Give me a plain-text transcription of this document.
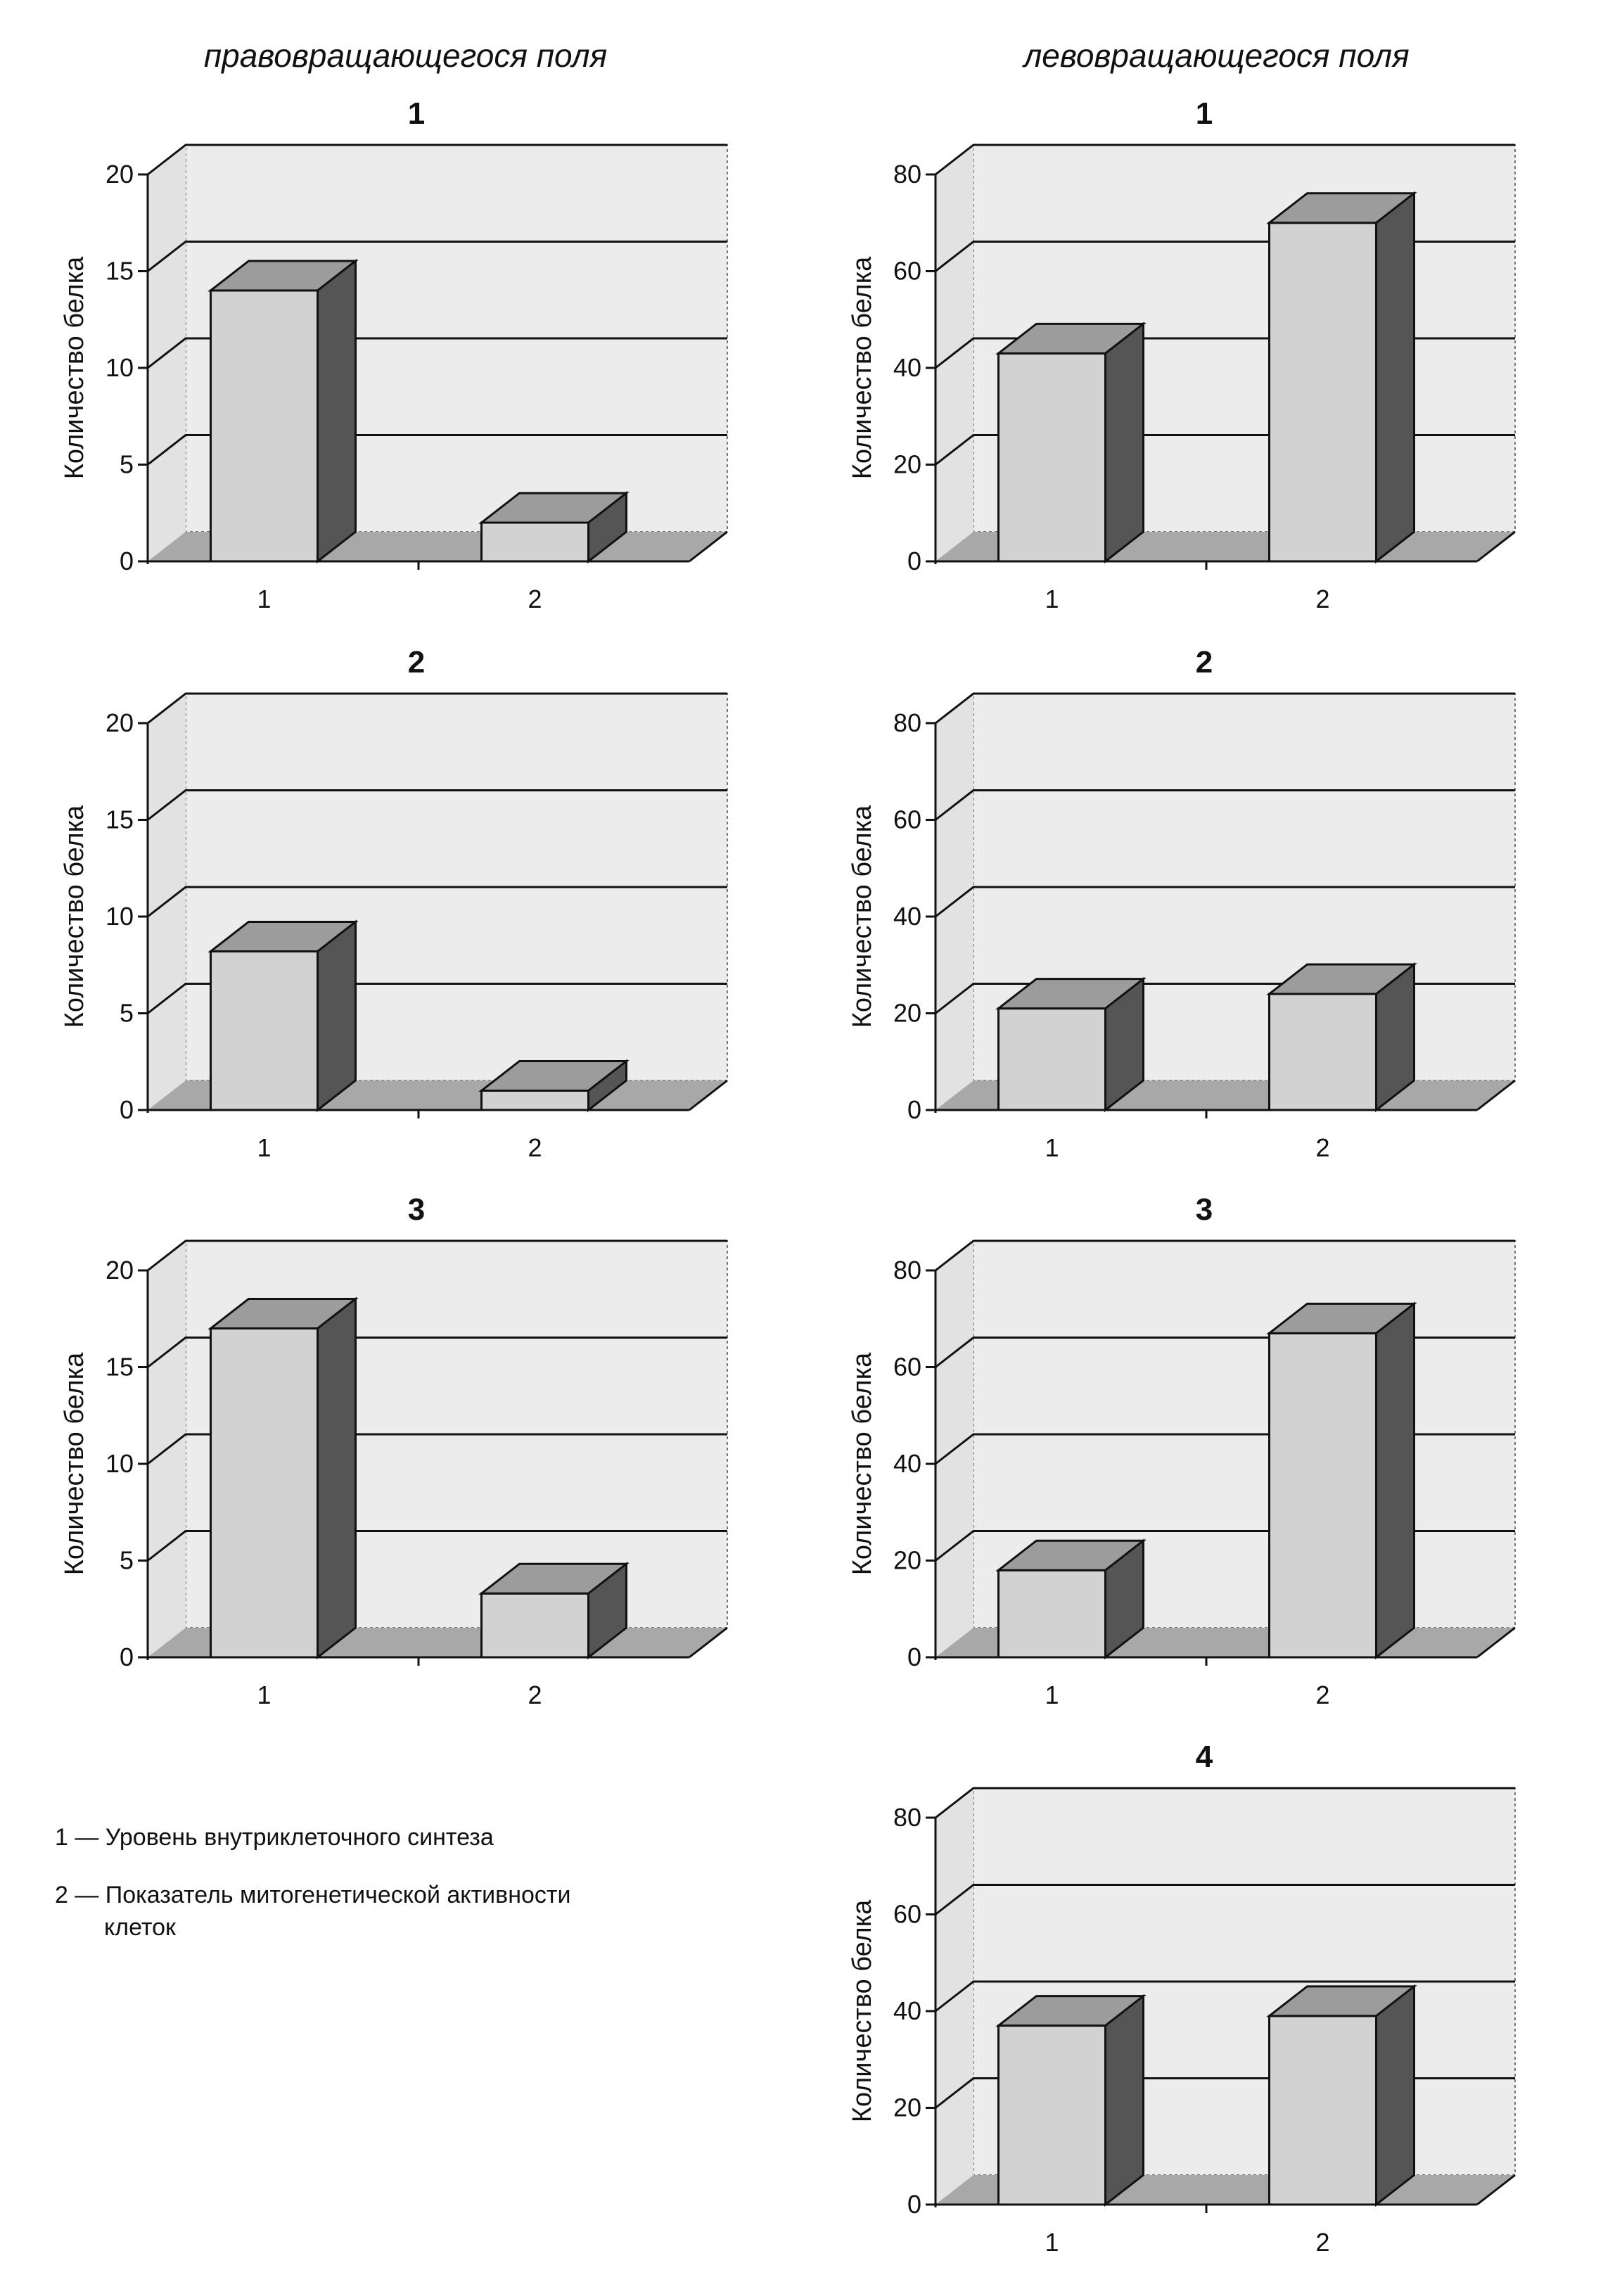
правовращающегося поля	левовращающегося поля
0
5
10
15
20
1	2
1
Количество белка
0
5
10
15
20
1	2
2
Количество белка
0
5
10
15
20
1	2
3
Количество белка
0
20
40
60
80
1	2
1
Количество белка
0
20
40
60
80
1	2
2
Количество белка
0
20
40
60
80
1	2
3
Количество белка
0
20
40
60
80
1	2
4
Количество белка
1 — Уровень внутриклеточного синтеза
2 — Показатель митогенетической активности
клеток
